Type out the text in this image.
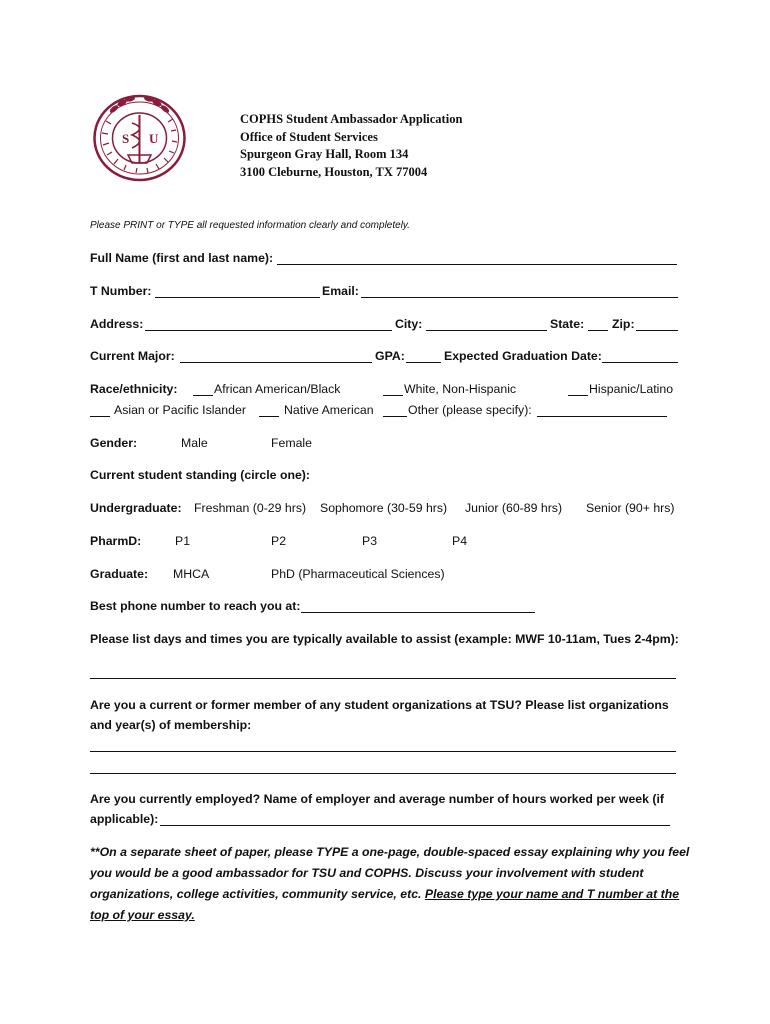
S U
COPHS Student Ambassador Application
Office of Student Services
Spurgeon Gray Hall, Room 134
3100 Cleburne, Houston, TX 77004
Please PRINT or TYPE all requested information clearly and completely.
Full Name (first and last name):
T Number:	Email:
Address:	City:	State: Zip:
Current Major:	GPA:	Expected Graduation Date:
Race/ethnicity:	African American/Black	White, Non-Hispanic	Hispanic/Latino
Asian or Pacific Islander	Native American	Other (please specify):
Gender:	Male	Female
Current student standing (circle one):
Undergraduate: Freshman (0-29 hrs) Sophomore (30-59 hrs) Junior (60-89 hrs) Senior (90+ hrs)
PharmD:	P1	P2	P3	P4
Graduate: MHCA	PhD (Pharmaceutical Sciences)
Best phone number to reach you at:
Please list days and times you are typically available to assist (example: MWF 10-11am, Tues 2-4pm):
Are you a current or former member of any student organizations at TSU? Please list organizations
and year(s) of membership:
Are you currently employed? Name of employer and average number of hours worked per week (if
applicable):
**On a separate sheet of paper, please TYPE a one-page, double-spaced essay explaining why you feel you would be a good ambassador for TSU and COPHS. Discuss your involvement with student organizations, college activities, community service, etc. Please type your name and T number at the top of your essay.
